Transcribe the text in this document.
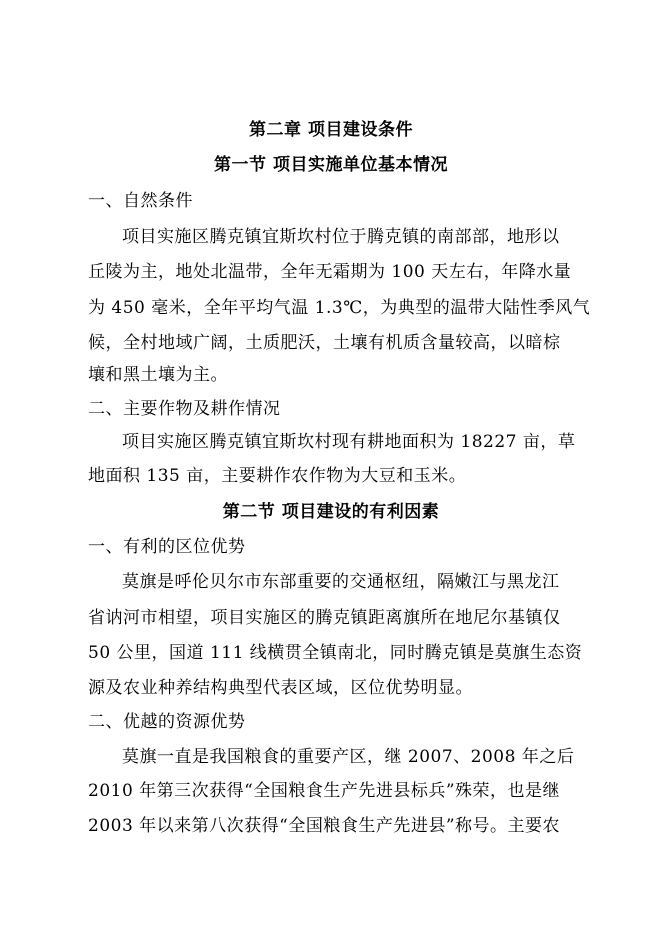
第二章 项目建设条件
第一节 项目实施单位基本情况
一、自然条件
项目实施区腾克镇宜斯坎村位于腾克镇的南部部，地形以
丘陵为主，地处北温带，全年无霜期为 100 天左右，年降水量
为 450 毫米，全年平均气温 1.3℃，为典型的温带大陆性季风气
候，全村地域广阔，土质肥沃，土壤有机质含量较高，以暗棕
壤和黑土壤为主。
二、主要作物及耕作情况
项目实施区腾克镇宜斯坎村现有耕地面积为 18227 亩，草
地面积 135 亩，主要耕作农作物为大豆和玉米。
第二节 项目建设的有利因素
一、有利的区位优势
莫旗是呼伦贝尔市东部重要的交通枢纽，隔嫩江与黑龙江
省讷河市相望，项目实施区的腾克镇距离旗所在地尼尔基镇仅
50 公里，国道 111 线横贯全镇南北，同时腾克镇是莫旗生态资
源及农业种养结构典型代表区域，区位优势明显。
二、优越的资源优势
莫旗一直是我国粮食的重要产区，继 2007、2008 年之后
2010 年第三次获得“全国粮食生产先进县标兵”殊荣，也是继
2003 年以来第八次获得“全国粮食生产先进县”称号。主要农
